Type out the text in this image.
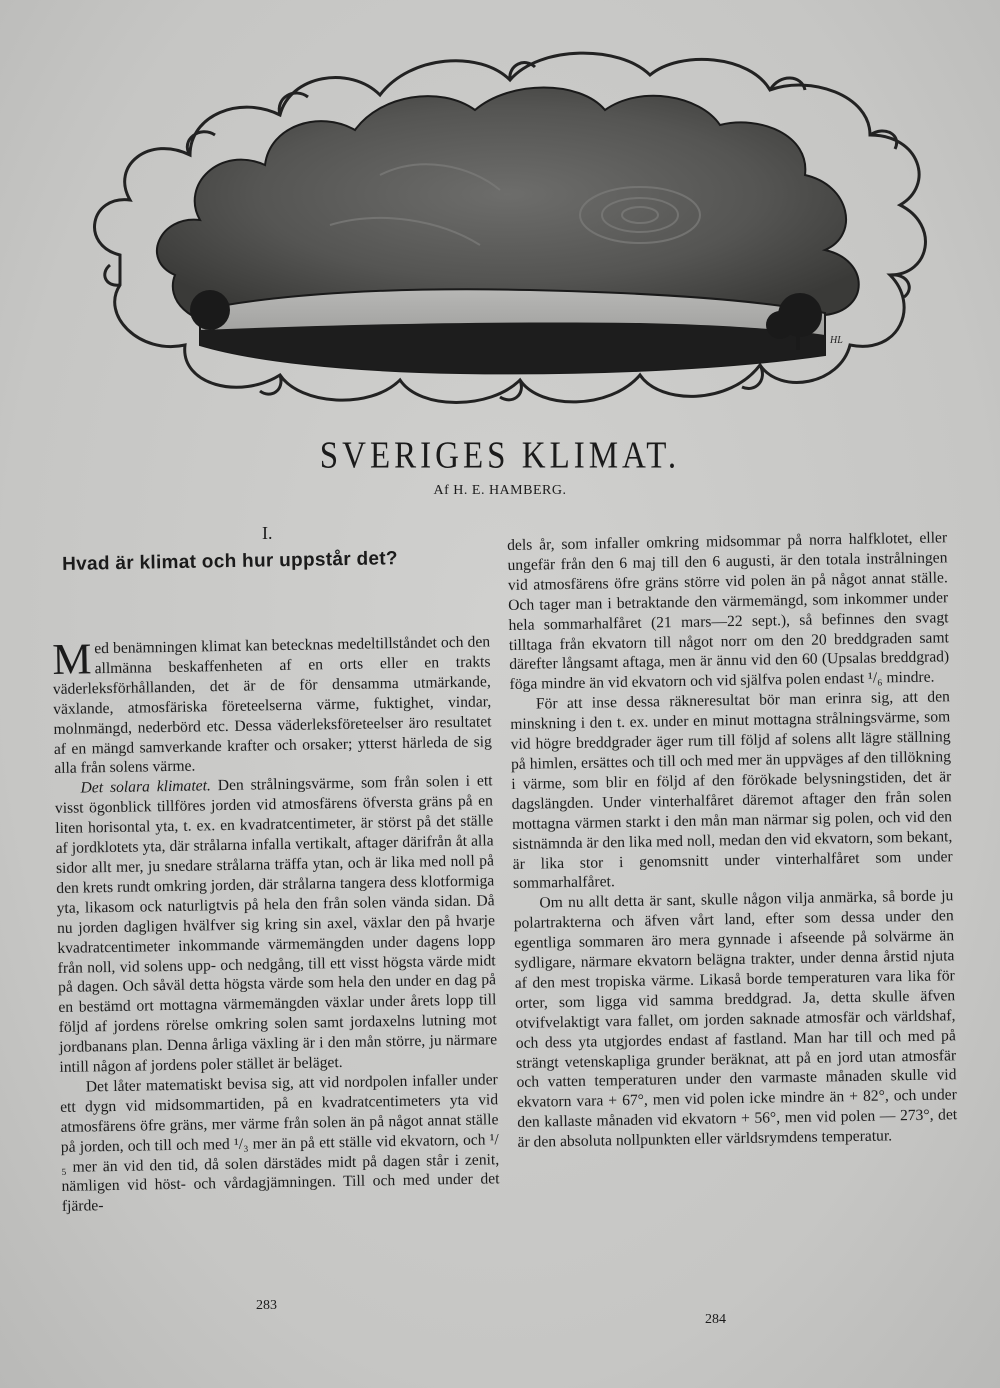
HL
SVERIGES KLIMAT.
Af H. E. HAMBERG.
I.
Hvad är klimat och hur uppstår det?

Med benämningen klimat kan betecknas medeltillståndet och den allmänna beskaffenheten af en orts eller en trakts väderleksförhållanden, det är de för densamma utmärkande, växlande, atmosfäriska företeelserna värme, fuktighet, vindar, molnmängd, nederbörd etc. Dessa väderleksföreteelser äro resultatet af en mängd samverkande krafter och orsaker; ytterst härleda de sig alla från solens värme.

Det solara klimatet. Den strålningsvärme, som från solen i ett visst ögonblick tillföres jorden vid atmosfärens öfversta gräns på en liten horisontal yta, t. ex. en kvadratcentimeter, är störst på det ställe af jordklotets yta, där strålarna infalla vertikalt, aftager därifrån åt alla sidor allt mer, ju snedare strålarna träffa ytan, och är lika med noll på den krets rundt omkring jorden, där strålarna tangera dess klotformiga yta, likasom ock naturligtvis på hela den från solen vända sidan. Då nu jorden dagligen hvälfver sig kring sin axel, växlar den på hvarje kvadratcentimeter inkommande värmemängden under dagens lopp från noll, vid solens upp- och nedgång, till ett visst högsta värde midt på dagen. Och såväl detta högsta värde som hela den under en dag på en bestämd ort mottagna värmemängden växlar under årets lopp till följd af jordens rörelse omkring solen samt jordaxelns lutning mot jordbanans plan. Denna årliga växling är i den mån större, ju närmare intill någon af jordens poler stället är beläget.

Det låter matematiskt bevisa sig, att vid nordpolen infaller under ett dygn vid midsommartiden, på en kvadratcentimeters yta vid atmosfärens öfre gräns, mer värme från solen än på något annat ställe på jorden, och till och med ¹/₃ mer än på ett ställe vid ekvatorn, och ¹/₅ mer än vid den tid, då solen därstädes midt på dagen står i zenit, nämligen vid höst- och vårdagjämningen. Till och med under det fjärde-

dels år, som infaller omkring midsommar på norra halfklotet, eller ungefär från den 6 maj till den 6 augusti, är den totala instrålningen vid atmosfärens öfre gräns större vid polen än på något annat ställe. Och tager man i betraktande den värmemängd, som inkommer under hela sommarhalfåret (21 mars—22 sept.), så befinnes den svagt tilltaga från ekvatorn till något norr om den 20 breddgraden samt därefter långsamt aftaga, men är ännu vid den 60 (Upsalas breddgrad) föga mindre än vid ekvatorn och vid själfva polen endast ¹/₆ mindre.

För att inse dessa räkneresultat bör man erinra sig, att den minskning i den t. ex. under en minut mottagna strålningsvärme, som vid högre breddgrader äger rum till följd af solens allt lägre ställning på himlen, ersättes och till och med mer än uppväges af den tillökning i värme, som blir en följd af den förökade belysningstiden, det är dagslängden. Under vinterhalfåret däremot aftager den från solen mottagna värmen starkt i den mån man närmar sig polen, och vid den sistnämnda är den lika med noll, medan den vid ekvatorn, som bekant, är lika stor i genomsnitt under vinterhalfåret som under sommarhalfåret.

Om nu allt detta är sant, skulle någon vilja anmärka, så borde ju polartrakterna och äfven vårt land, efter som dessa under den egentliga sommaren äro mera gynnade i afseende på solvärme än sydligare, närmare ekvatorn belägna trakter, under denna årstid njuta af den mest tropiska värme. Likaså borde temperaturen vara lika för orter, som ligga vid samma breddgrad. Ja, detta skulle äfven otvifvelaktigt vara fallet, om jorden saknade atmosfär och världshaf, och dess yta utgjordes endast af fastland. Man har till och med på strängt vetenskapliga grunder beräknat, att på en jord utan atmosfär och vatten temperaturen under den varmaste månaden skulle vid ekvatorn vara + 67°, men vid polen icke mindre än + 82°, och under den kallaste månaden vid ekvatorn + 56°, men vid polen — 273°, det är den absoluta nollpunkten eller världsrymdens temperatur.

283
284
